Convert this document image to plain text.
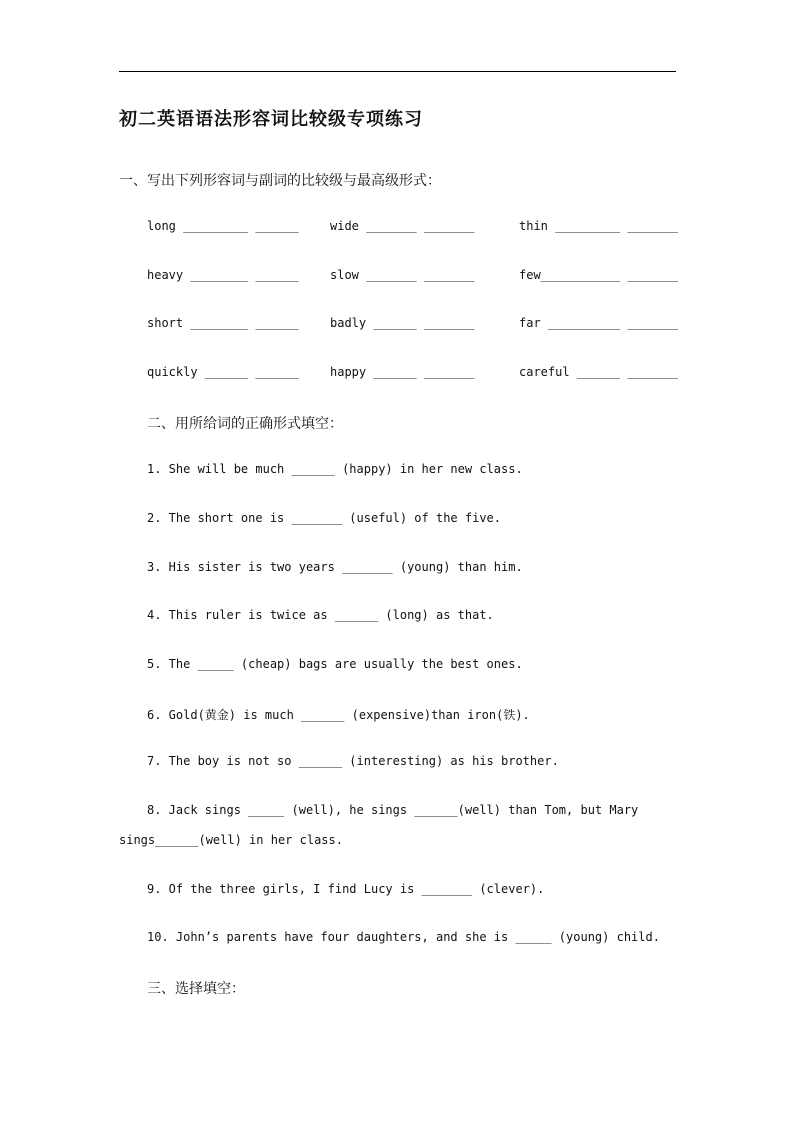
初二英语语法形容词比较级专项练习
一、写出下列形容词与副词的比较级与最高级形式：
long _________ ______	wide _______ _______	thin _________ _______
heavy ________ ______	slow _______ _______	few___________ _______
short ________ ______	badly ______ _______	far __________ _______
quickly ______ ______	happy ______ _______	careful ______ _______
二、用所给词的正确形式填空：
1. She will be much ______ (happy) in her new class.
2. The short one is _______ (useful) of the five.
3. His sister is two years _______ (young) than him.
4. This ruler is twice as ______ (long) as that.
5. The _____ (cheap) bags are usually the best ones.
6. Gold(黄金) is much ______ (expensive)than iron(铁).
7. The boy is not so ______ (interesting) as his brother.
8. Jack sings _____ (well), he sings ______(well) than Tom, but Mary
sings______(well) in her class.
9. Of the three girls, I find Lucy is _______ (clever).
10. John’s parents have four daughters, and she is _____ (young) child.
三、选择填空：
